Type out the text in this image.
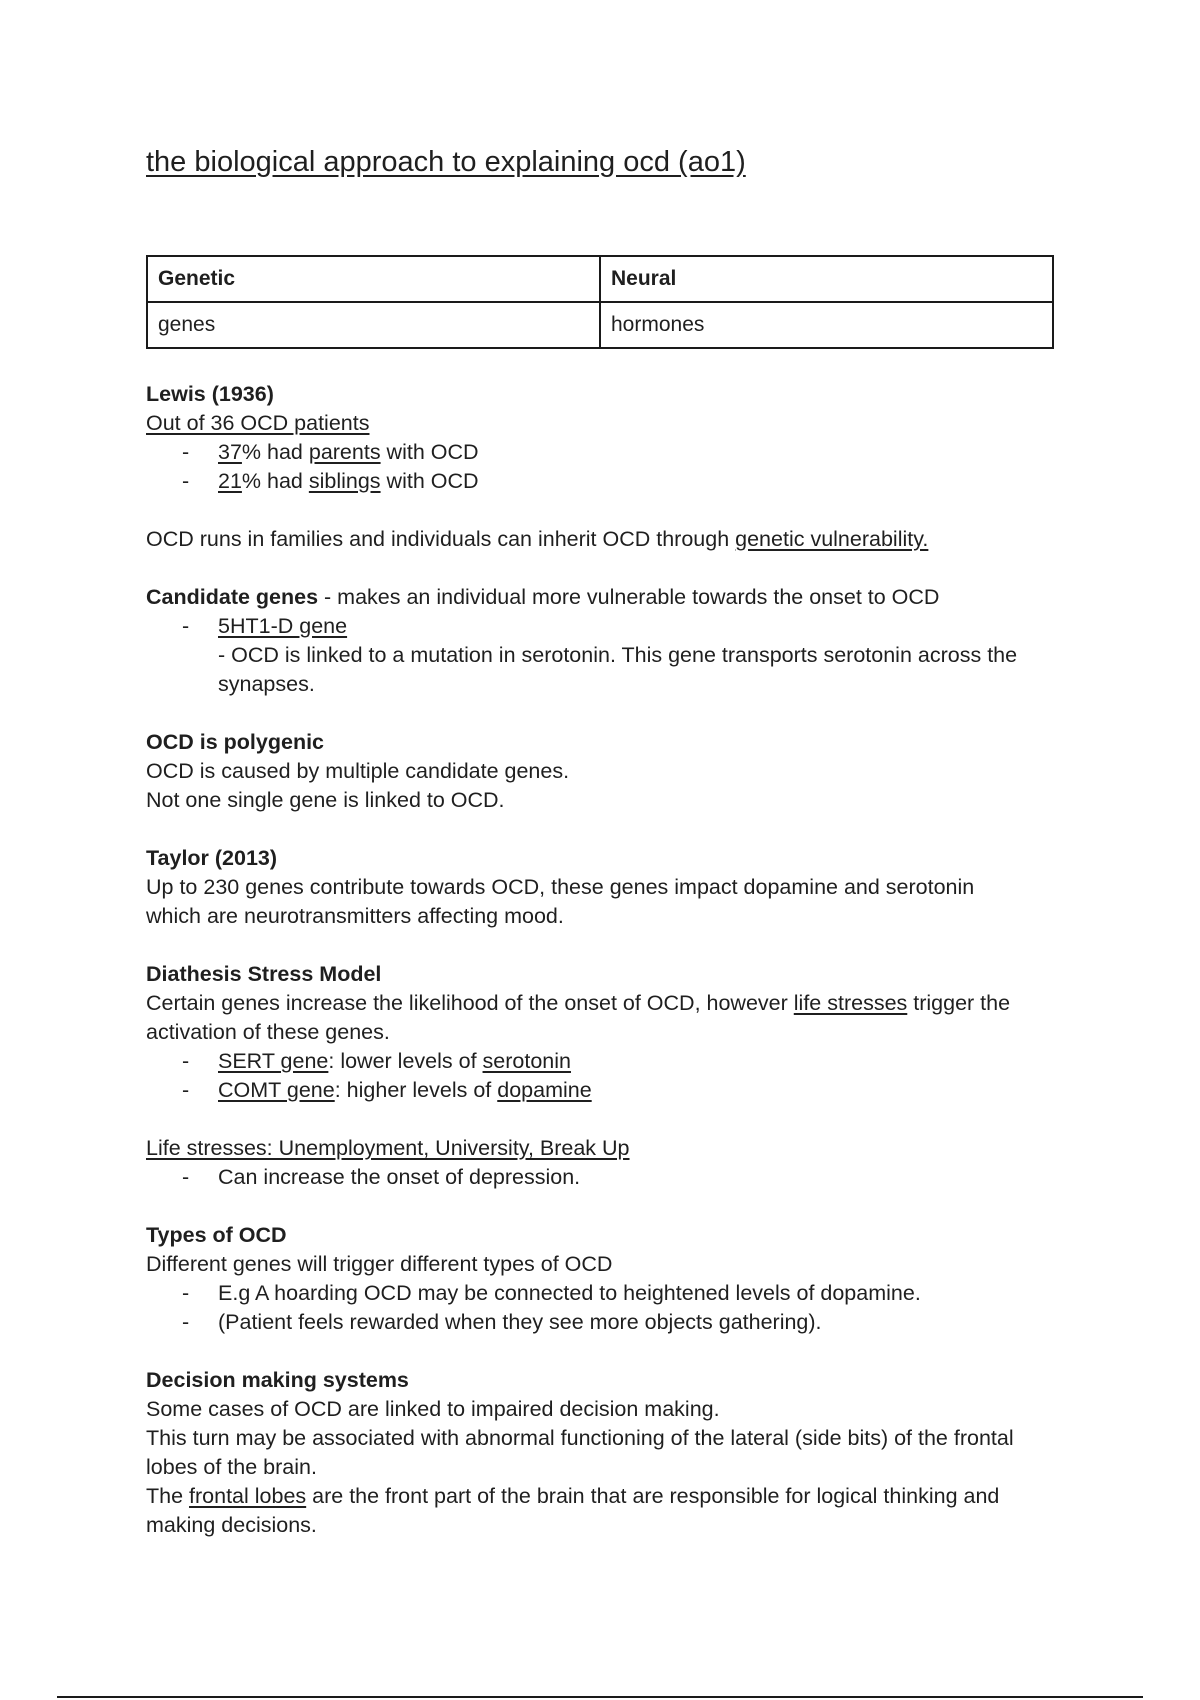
the biological approach to explaining ocd (ao1)
Genetic	Neural
genes	hormones

Lewis (1936)

Out of 36 OCD patients

- 37% had parents with OCD

- 21% had siblings with OCD

OCD runs in families and individuals can inherit OCD through genetic vulnerability.

Candidate genes - makes an individual more vulnerable towards the onset to OCD

- 5HT1-D gene

- OCD is linked to a mutation in serotonin. This gene transports serotonin across the

synapses.

OCD is polygenic

OCD is caused by multiple candidate genes.

Not one single gene is linked to OCD.

Taylor (2013)

Up to 230 genes contribute towards OCD, these genes impact dopamine and serotonin

which are neurotransmitters affecting mood.

Diathesis Stress Model

Certain genes increase the likelihood of the onset of OCD, however life stresses trigger the

activation of these genes.

- SERT gene: lower levels of serotonin

- COMT gene: higher levels of dopamine

Life stresses: Unemployment, University, Break Up

- Can increase the onset of depression.

Types of OCD

Different genes will trigger different types of OCD

- E.g A hoarding OCD may be connected to heightened levels of dopamine.

- (Patient feels rewarded when they see more objects gathering).

Decision making systems

Some cases of OCD are linked to impaired decision making.

This turn may be associated with abnormal functioning of the lateral (side bits) of the frontal

lobes of the brain.

The frontal lobes are the front part of the brain that are responsible for logical thinking and

making decisions.
